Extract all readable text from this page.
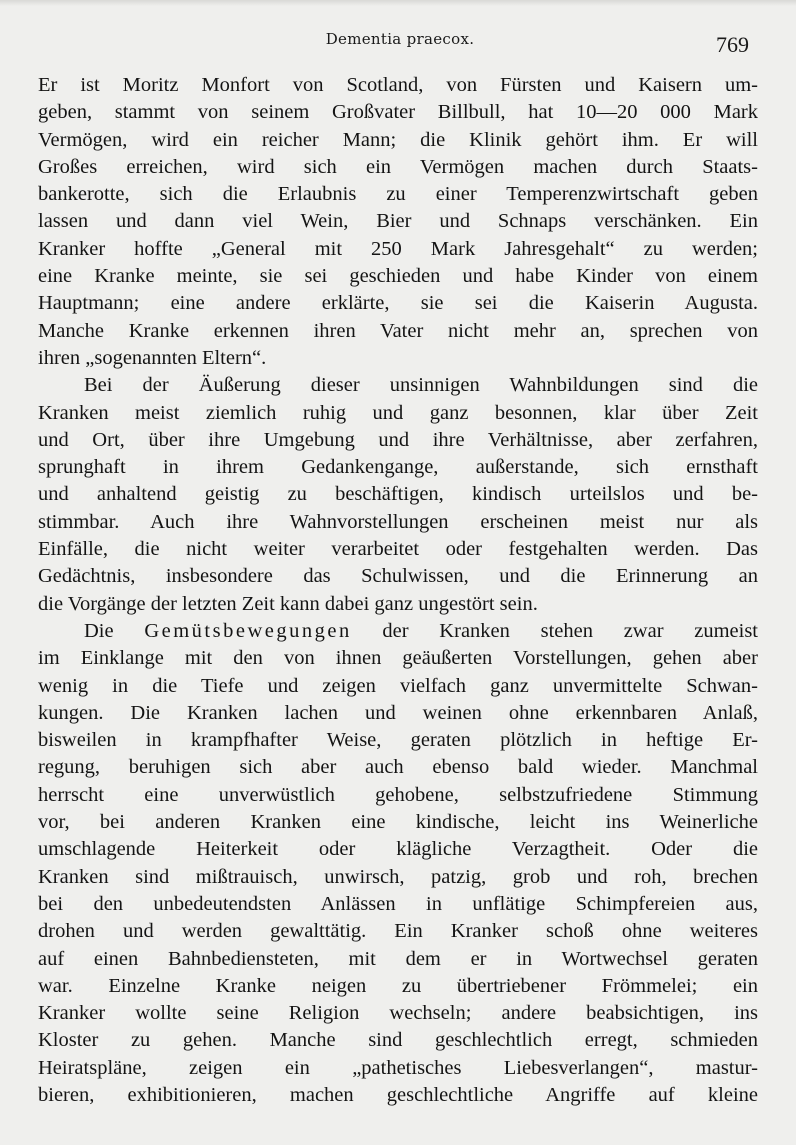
Dementia praecox.	769
Er ist Moritz Monfort von Scotland, von Fürsten und Kaisern um-
geben, stammt von seinem Großvater Billbull, hat 10—20 000 Mark
Vermögen, wird ein reicher Mann; die Klinik gehört ihm. Er will
Großes erreichen, wird sich ein Vermögen machen durch Staats-
bankerotte, sich die Erlaubnis zu einer Temperenzwirtschaft geben
lassen und dann viel Wein, Bier und Schnaps verschänken. Ein
Kranker hoffte „General mit 250 Mark Jahresgehalt“ zu werden;
eine Kranke meinte, sie sei geschieden und habe Kinder von einem
Hauptmann; eine andere erklärte, sie sei die Kaiserin Augusta.
Manche Kranke erkennen ihren Vater nicht mehr an, sprechen von
ihren „sogenannten Eltern“.
Bei der Äußerung dieser unsinnigen Wahnbildungen sind die
Kranken meist ziemlich ruhig und ganz besonnen, klar über Zeit
und Ort, über ihre Umgebung und ihre Verhältnisse, aber zerfahren,
sprunghaft in ihrem Gedankengange, außerstande, sich ernsthaft
und anhaltend geistig zu beschäftigen, kindisch urteilslos und be-
stimmbar. Auch ihre Wahnvorstellungen erscheinen meist nur als
Einfälle, die nicht weiter verarbeitet oder festgehalten werden. Das
Gedächtnis, insbesondere das Schulwissen, und die Erinnerung an
die Vorgänge der letzten Zeit kann dabei ganz ungestört sein.
Die Gemütsbewegungen der Kranken stehen zwar zumeist
im Einklange mit den von ihnen geäußerten Vorstellungen, gehen aber
wenig in die Tiefe und zeigen vielfach ganz unvermittelte Schwan-
kungen. Die Kranken lachen und weinen ohne erkennbaren Anlaß,
bisweilen in krampfhafter Weise, geraten plötzlich in heftige Er-
regung, beruhigen sich aber auch ebenso bald wieder. Manchmal
herrscht eine unverwüstlich gehobene, selbstzufriedene Stimmung
vor, bei anderen Kranken eine kindische, leicht ins Weinerliche
umschlagende Heiterkeit oder klägliche Verzagtheit. Oder die
Kranken sind mißtrauisch, unwirsch, patzig, grob und roh, brechen
bei den unbedeutendsten Anlässen in unflätige Schimpfereien aus,
drohen und werden gewalttätig. Ein Kranker schoß ohne weiteres
auf einen Bahnbediensteten, mit dem er in Wortwechsel geraten
war. Einzelne Kranke neigen zu übertriebener Frömmelei; ein
Kranker wollte seine Religion wechseln; andere beabsichtigen, ins
Kloster zu gehen. Manche sind geschlechtlich erregt, schmieden
Heiratspläne, zeigen ein „pathetisches Liebesverlangen“, mastur-
bieren, exhibitionieren, machen geschlechtliche Angriffe auf kleine
